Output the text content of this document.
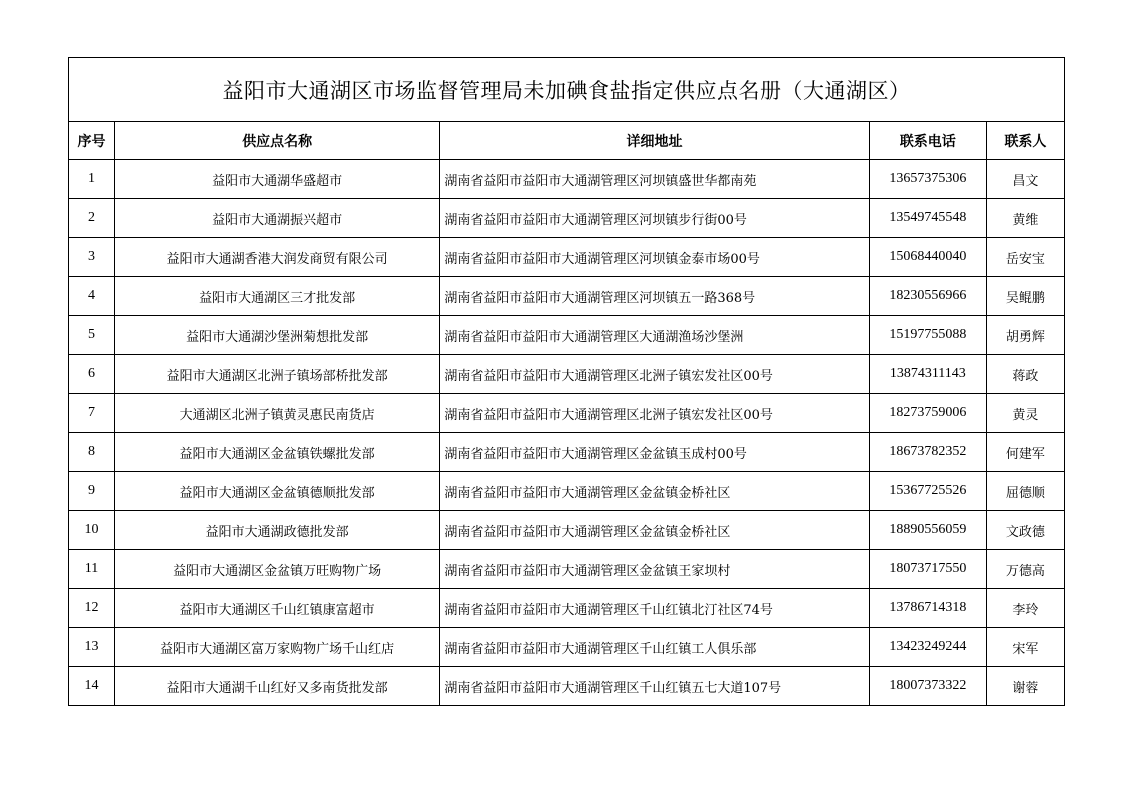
益阳市大通湖区市场监督管理局未加碘食盐指定供应点名册（大通湖区）				
序号	供应点名称	详细地址	联系电话	联系人
1	益阳市大通湖华盛超市	湖南省益阳市益阳市大通湖管理区河坝镇盛世华都南苑	13657375306	昌文
2	益阳市大通湖振兴超市	湖南省益阳市益阳市大通湖管理区河坝镇步行街00号	13549745548	黄维
3	益阳市大通湖香港大润发商贸有限公司	湖南省益阳市益阳市大通湖管理区河坝镇金泰市场00号	15068440040	岳安宝
4	益阳市大通湖区三才批发部	湖南省益阳市益阳市大通湖管理区河坝镇五一路368号	18230556966	吴鲲鹏
5	益阳市大通湖沙堡洲菊想批发部	湖南省益阳市益阳市大通湖管理区大通湖渔场沙堡洲	15197755088	胡勇辉
6	益阳市大通湖区北洲子镇场部桥批发部	湖南省益阳市益阳市大通湖管理区北洲子镇宏发社区00号	13874311143	蒋政
7	大通湖区北洲子镇黄灵惠民南货店	湖南省益阳市益阳市大通湖管理区北洲子镇宏发社区00号	18273759006	黄灵
8	益阳市大通湖区金盆镇铁螺批发部	湖南省益阳市益阳市大通湖管理区金盆镇玉成村00号	18673782352	何建军
9	益阳市大通湖区金盆镇德顺批发部	湖南省益阳市益阳市大通湖管理区金盆镇金桥社区	15367725526	屈德顺
10	益阳市大通湖政德批发部	湖南省益阳市益阳市大通湖管理区金盆镇金桥社区	18890556059	文政德
11	益阳市大通湖区金盆镇万旺购物广场	湖南省益阳市益阳市大通湖管理区金盆镇王家坝村	18073717550	万德高
12	益阳市大通湖区千山红镇康富超市	湖南省益阳市益阳市大通湖管理区千山红镇北汀社区74号	13786714318	李玲
13	益阳市大通湖区富万家购物广场千山红店	湖南省益阳市益阳市大通湖管理区千山红镇工人俱乐部	13423249244	宋军
14	益阳市大通湖千山红好又多南货批发部	湖南省益阳市益阳市大通湖管理区千山红镇五七大道107号	18007373322	谢蓉
